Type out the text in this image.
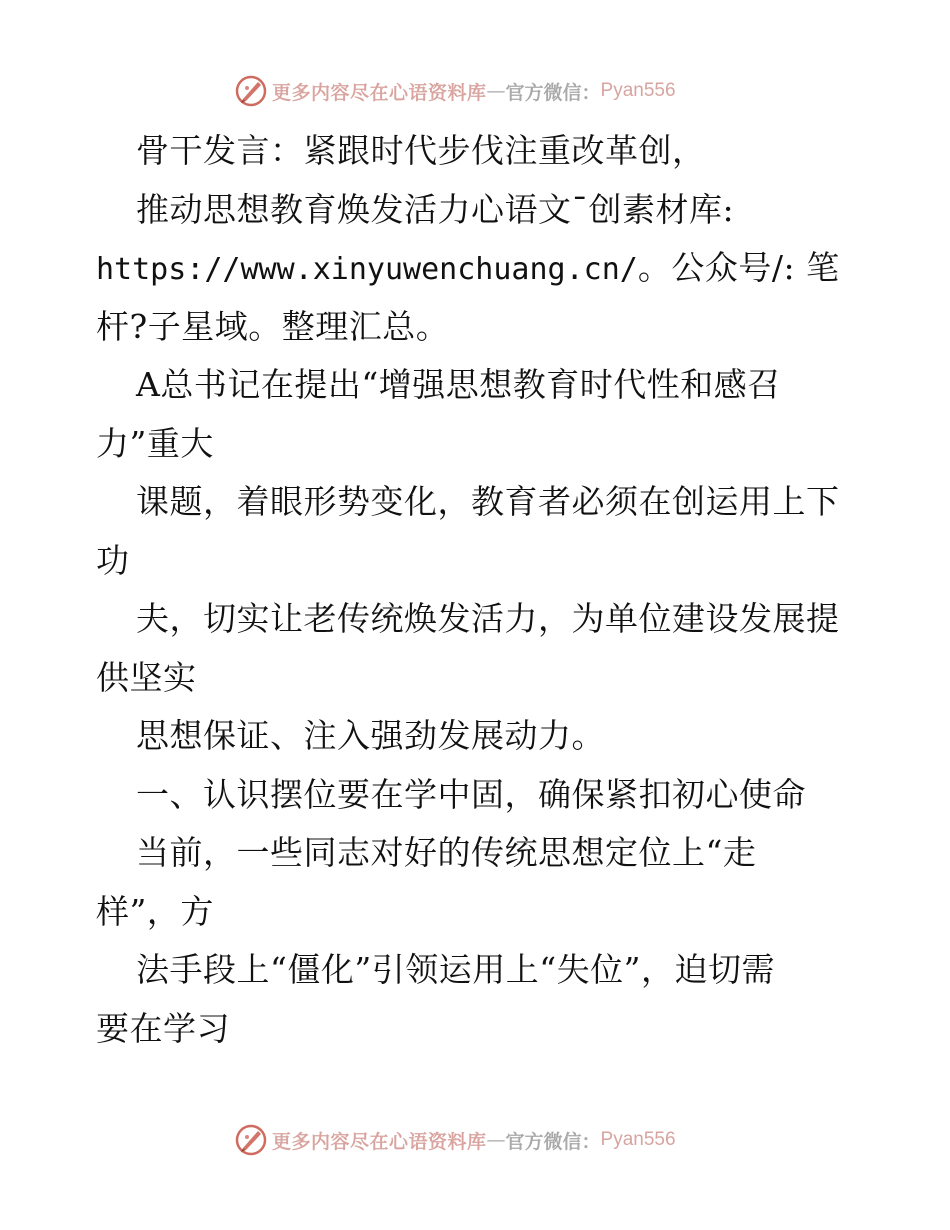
更多内容尽在心语资料库 — 官方微信： Pyan556
骨干发言：紧跟时代步伐注重改革创，
推动思想教育焕发活力心语文¯创素材库:
https://www.xinyuwenchuang.cn/。公众号/: 笔
杆?子星域。整理汇总。
A总书记在提出“增强思想教育时代性和感召
力”重大
课题，着眼形势变化，教育者必须在创运用上下
功
夫，切实让老传统焕发活力，为单位建设发展提
供坚实
思想保证、注入强劲发展动力。
一、认识摆位要在学中固，确保紧扣初心使命
当前，一些同志对好的传统思想定位上“走
样”，方
法手段上“僵化”引领运用上“失位”，迫切需
要在学习
更多内容尽在心语资料库 — 官方微信： Pyan556
